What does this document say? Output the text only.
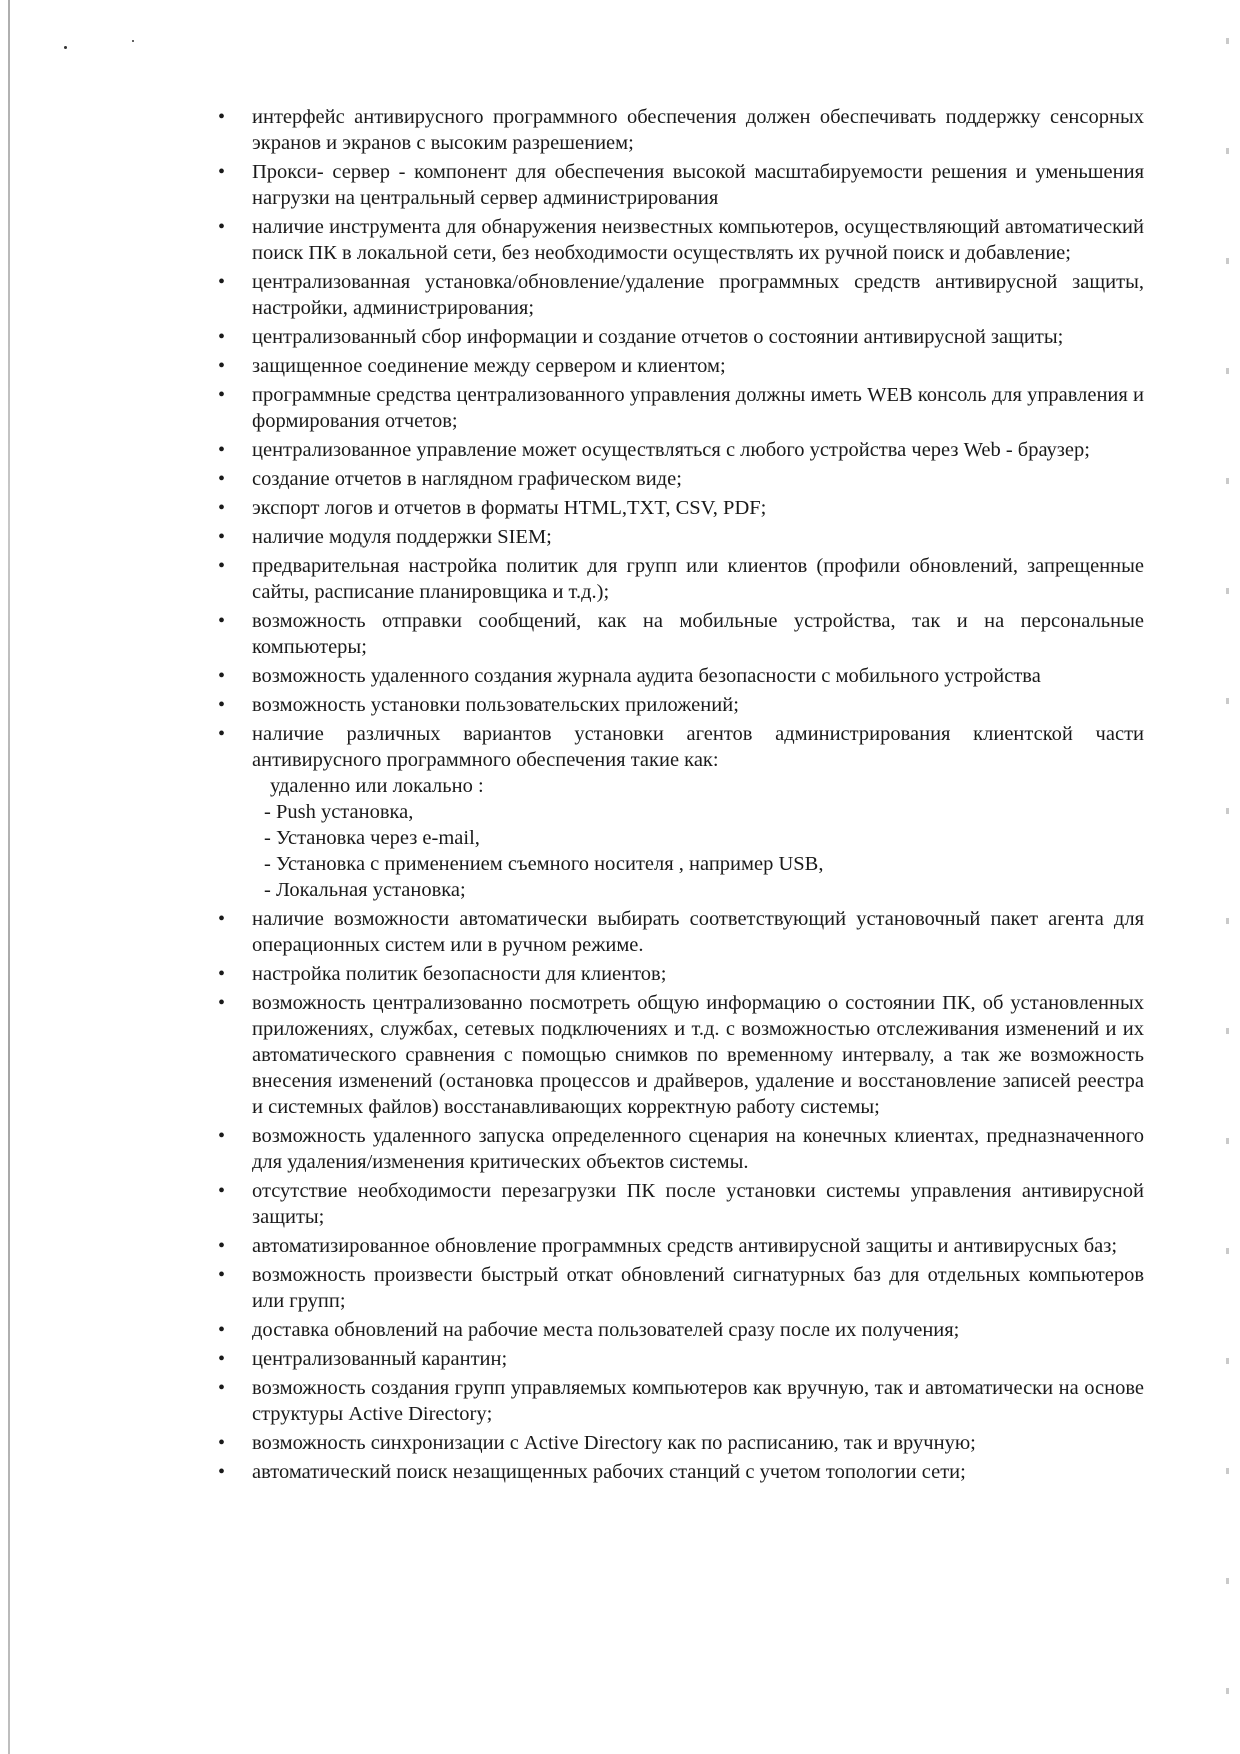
• интерфейс антивирусного программного обеспечения должен обеспечивать поддержку сенсорных экранов и экранов с высоким разрешением;
• Прокси- сервер - компонент для обеспечения высокой масштабируемости решения и уменьшения нагрузки на центральный сервер администрирования
• наличие инструмента для обнаружения неизвестных компьютеров, осуществляющий автоматический поиск ПК в локальной сети, без необходимости осуществлять их ручной поиск и добавление;
• централизованная установка/обновление/удаление программных средств антивирусной защиты, настройки, администрирования;
• централизованный сбор информации и создание отчетов о состоянии антивирусной защиты;
• защищенное соединение между сервером и клиентом;
• программные средства централизованного управления должны иметь WEB консоль для управления и формирования отчетов;
• централизованное управление может осуществляться с любого устройства через Web - браузер;
• создание отчетов в наглядном графическом виде;
• экспорт логов и отчетов в форматы HTML,TXT, CSV, PDF;
• наличие модуля поддержки SIEM;
• предварительная настройка политик для групп или клиентов (профили обновлений, запрещенные сайты, расписание планировщика и т.д.);
• возможность отправки сообщений, как на мобильные устройства, так и на персональные компьютеры;
• возможность удаленного создания журнала аудита безопасности с мобильного устройства
• возможность установки пользовательских приложений;
• наличие различных вариантов установки агентов администрирования клиентской части антивирусного программного обеспечения такие как:
удаленно или локально :
- Push установка,
- Установка через e-mail,
- Установка с применением съемного носителя , например USB,
- Локальная установка;
• наличие возможности автоматически выбирать соответствующий установочный пакет агента для операционных систем или в ручном режиме.
• настройка политик безопасности для клиентов;
• возможность централизованно посмотреть общую информацию о состоянии ПК, об установленных приложениях, службах, сетевых подключениях и т.д. с возможностью отслеживания изменений и их автоматического сравнения с помощью снимков по временному интервалу, а так же возможность внесения изменений (остановка процессов и драйверов, удаление и восстановление записей реестра и системных файлов) восстанавливающих корректную работу системы;
• возможность удаленного запуска определенного сценария на конечных клиентах, предназначенного для удаления/изменения критических объектов системы.
• отсутствие необходимости перезагрузки ПК после установки системы управления антивирусной защиты;
• автоматизированное обновление программных средств антивирусной защиты и антивирусных баз;
• возможность произвести быстрый откат обновлений сигнатурных баз для отдельных компьютеров или групп;
• доставка обновлений на рабочие места пользователей сразу после их получения;
• централизованный карантин;
• возможность создания групп управляемых компьютеров как вручную, так и автоматически на основе структуры Active Directory;
• возможность синхронизации с Active Directory как по расписанию, так и вручную;
• автоматический поиск незащищенных рабочих станций с учетом топологии сети;
